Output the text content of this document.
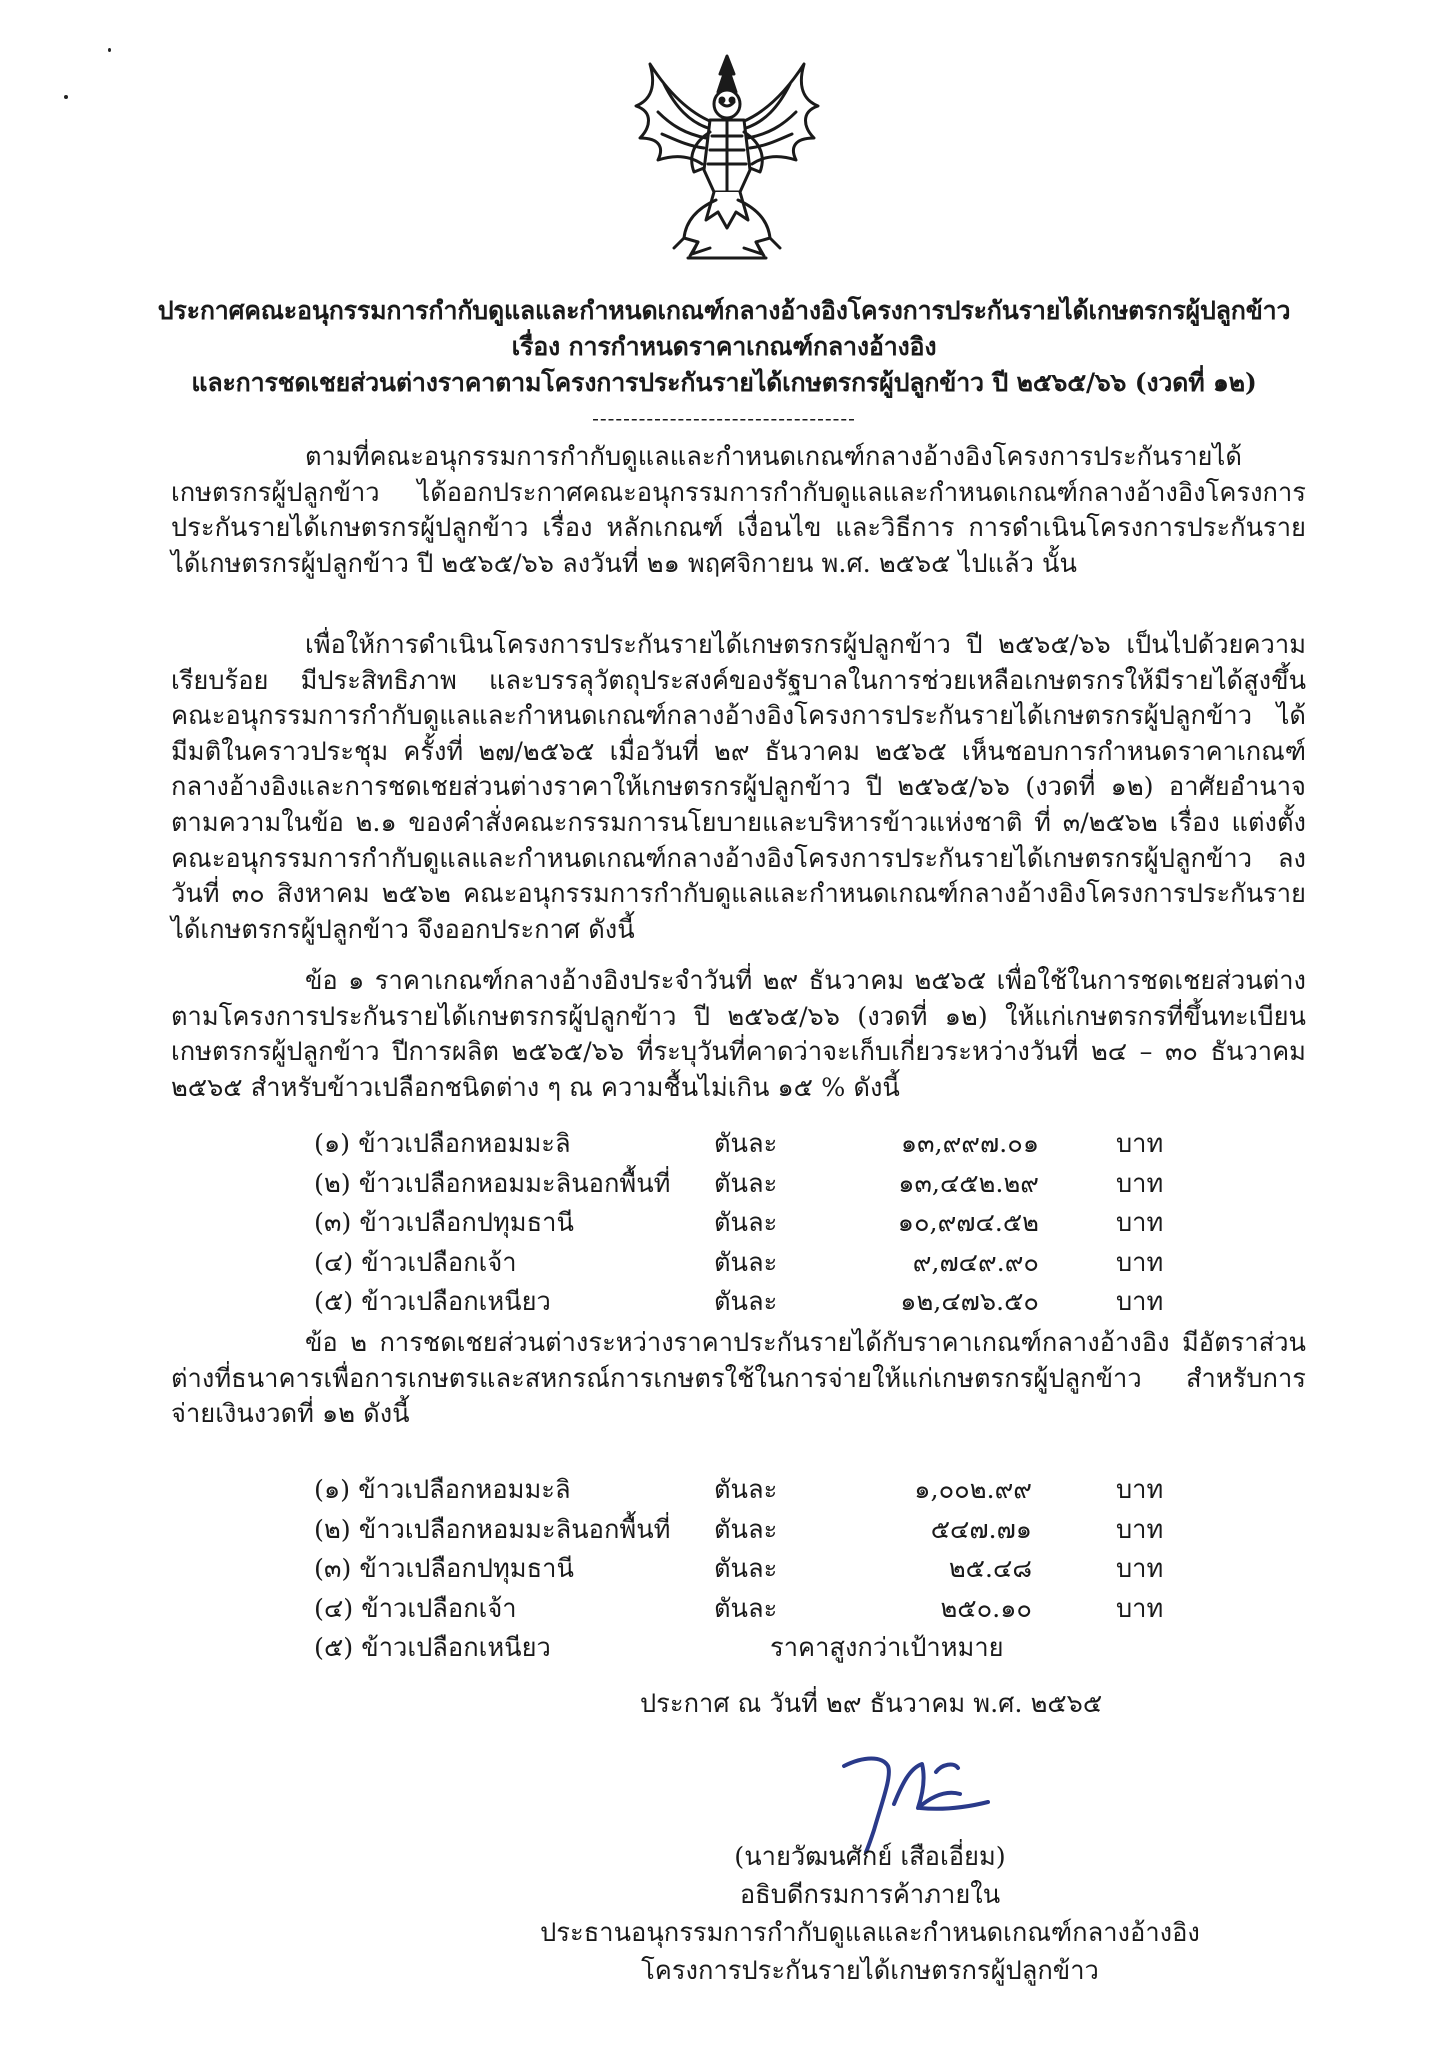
ประกาศคณะอนุกรรมการกำกับดูแลและกำหนดเกณฑ์กลางอ้างอิงโครงการประกันรายได้เกษตรกรผู้ปลูกข้าว
เรื่อง การกำหนดราคาเกณฑ์กลางอ้างอิง
และการชดเชยส่วนต่างราคาตามโครงการประกันรายได้เกษตรกรผู้ปลูกข้าว ปี ๒๕๖๕/๖๖ (งวดที่ ๑๒)
----------------------------------
ตามที่คณะอนุกรรมการกำกับดูแลและกำหนดเกณฑ์กลางอ้างอิงโครงการประกันรายได้เกษตรกรผู้ปลูกข้าว ได้ออกประกาศคณะอนุกรรมการกำกับดูแลและกำหนดเกณฑ์กลางอ้างอิงโครงการประกันรายได้เกษตรกรผู้ปลูกข้าว เรื่อง หลักเกณฑ์ เงื่อนไข และวิธีการ การดำเนินโครงการประกันรายได้เกษตรกรผู้ปลูกข้าว ปี ๒๕๖๕/๖๖ ลงวันที่ ๒๑ พฤศจิกายน พ.ศ. ๒๕๖๕ ไปแล้ว นั้น
เพื่อให้การดำเนินโครงการประกันรายได้เกษตรกรผู้ปลูกข้าว ปี ๒๕๖๕/๖๖ เป็นไปด้วยความเรียบร้อย มีประสิทธิภาพ และบรรลุวัตถุประสงค์ของรัฐบาลในการช่วยเหลือเกษตรกรให้มีรายได้สูงขึ้น คณะอนุกรรมการกำกับดูแลและกำหนดเกณฑ์กลางอ้างอิงโครงการประกันรายได้เกษตรกรผู้ปลูกข้าว ได้มีมติในคราวประชุม ครั้งที่ ๒๗/๒๕๖๕ เมื่อวันที่ ๒๙ ธันวาคม ๒๕๖๕ เห็นชอบการกำหนดราคาเกณฑ์กลางอ้างอิงและการชดเชยส่วนต่างราคาให้เกษตรกรผู้ปลูกข้าว ปี ๒๕๖๕/๖๖ (งวดที่ ๑๒) อาศัยอำนาจตามความในข้อ ๒.๑ ของคำสั่งคณะกรรมการนโยบายและบริหารข้าวแห่งชาติ ที่ ๓/๒๕๖๒ เรื่อง แต่งตั้งคณะอนุกรรมการกำกับดูแลและกำหนดเกณฑ์กลางอ้างอิงโครงการประกันรายได้เกษตรกรผู้ปลูกข้าว ลงวันที่ ๓๐ สิงหาคม ๒๕๖๒ คณะอนุกรรมการกำกับดูแลและกำหนดเกณฑ์กลางอ้างอิงโครงการประกันรายได้เกษตรกรผู้ปลูกข้าว จึงออกประกาศ ดังนี้
ข้อ ๑ ราคาเกณฑ์กลางอ้างอิงประจำวันที่ ๒๙ ธันวาคม ๒๕๖๕ เพื่อใช้ในการชดเชยส่วนต่างตามโครงการประกันรายได้เกษตรกรผู้ปลูกข้าว ปี ๒๕๖๕/๖๖ (งวดที่ ๑๒) ให้แก่เกษตรกรที่ขึ้นทะเบียนเกษตรกรผู้ปลูกข้าว ปีการผลิต ๒๕๖๕/๖๖ ที่ระบุวันที่คาดว่าจะเก็บเกี่ยวระหว่างวันที่ ๒๔ – ๓๐ ธันวาคม ๒๕๖๕ สำหรับข้าวเปลือกชนิดต่าง ๆ ณ ความชื้นไม่เกิน ๑๕ % ดังนี้
(๑) ข้าวเปลือกหอมมะลิ	ตันละ	๑๓,๙๙๗.๐๑	บาท
(๒) ข้าวเปลือกหอมมะลินอกพื้นที่ ตันละ	๑๓,๔๕๒.๒๙	บาท
(๓) ข้าวเปลือกปทุมธานี	ตันละ	๑๐,๙๗๔.๕๒	บาท
(๔) ข้าวเปลือกเจ้า	ตันละ	๙,๗๔๙.๙๐	บาท
(๕) ข้าวเปลือกเหนียว	ตันละ	๑๒,๔๗๖.๕๐	บาท
ข้อ ๒ การชดเชยส่วนต่างระหว่างราคาประกันรายได้กับราคาเกณฑ์กลางอ้างอิง มีอัตราส่วนต่างที่ธนาคารเพื่อการเกษตรและสหกรณ์การเกษตรใช้ในการจ่ายให้แก่เกษตรกรผู้ปลูกข้าว สำหรับการจ่ายเงินงวดที่ ๑๒ ดังนี้
(๑) ข้าวเปลือกหอมมะลิ	ตันละ	๑,๐๐๒.๙๙	บาท
(๒) ข้าวเปลือกหอมมะลินอกพื้นที่ ตันละ	๕๔๗.๗๑	บาท
(๓) ข้าวเปลือกปทุมธานี	ตันละ	๒๕.๔๘	บาท
(๔) ข้าวเปลือกเจ้า	ตันละ	๒๕๐.๑๐	บาท
(๕) ข้าวเปลือกเหนียว	ราคาสูงกว่าเป้าหมาย
ประกาศ ณ วันที่ ๒๙ ธันวาคม พ.ศ. ๒๕๖๕
(นายวัฒนศักย์ เสือเอี่ยม)
อธิบดีกรมการค้าภายใน
ประธานอนุกรรมการกำกับดูแลและกำหนดเกณฑ์กลางอ้างอิง
โครงการประกันรายได้เกษตรกรผู้ปลูกข้าว
